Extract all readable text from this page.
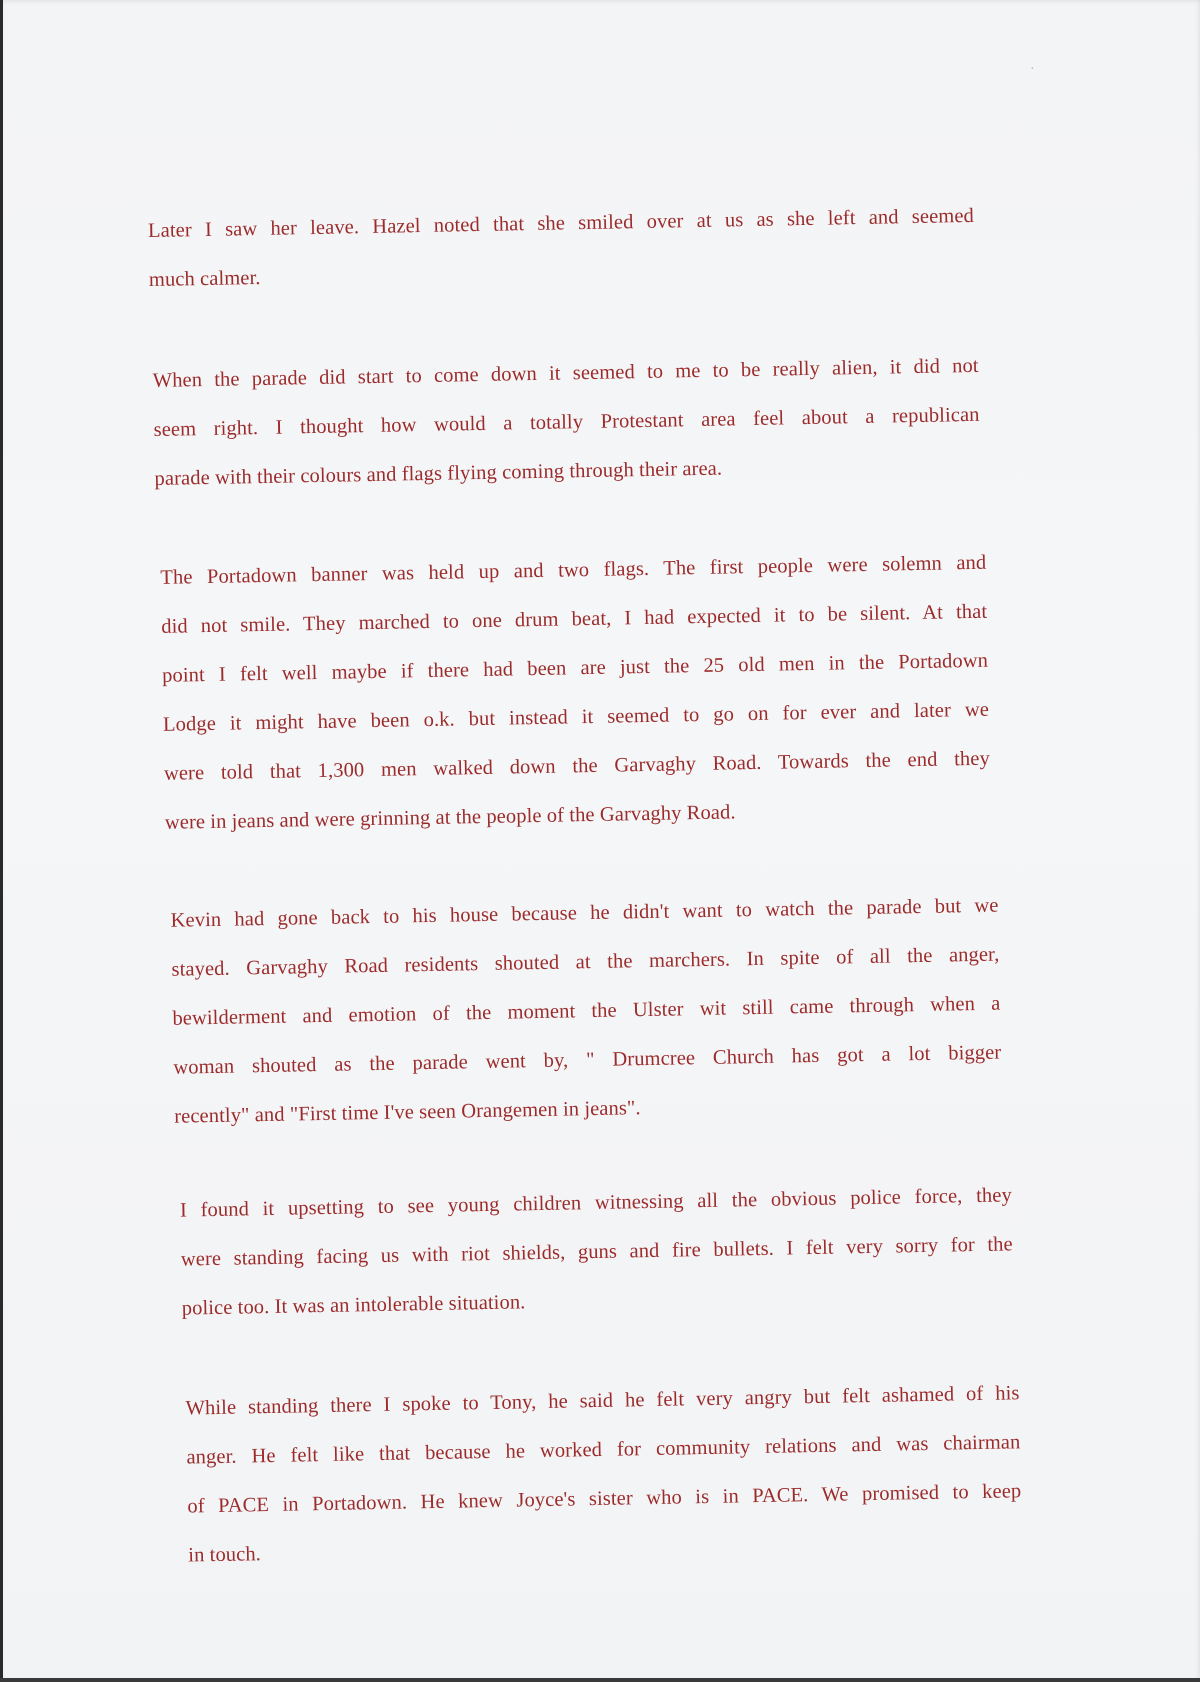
·
Later I saw her leave. Hazel noted that she smiled over at us as she left and seemed
much calmer.
When the parade did start to come down it seemed to me to be really alien, it did not
seem right. I thought how would a totally Protestant area feel about a republican
parade with their colours and flags flying coming through their area.
The Portadown banner was held up and two flags. The first people were solemn and
did not smile. They marched to one drum beat, I had expected it to be silent. At that
point I felt well maybe if there had been are just the 25 old men in the Portadown
Lodge it might have been o.k. but instead it seemed to go on for ever and later we
were told that 1,300 men walked down the Garvaghy Road. Towards the end they
were in jeans and were grinning at the people of the Garvaghy Road.
Kevin had gone back to his house because he didn't want to watch the parade but we
stayed. Garvaghy Road residents shouted at the marchers. In spite of all the anger,
bewilderment and emotion of the moment the Ulster wit still came through when a
woman shouted as the parade went by, " Drumcree Church has got a lot bigger
recently" and "First time I've seen Orangemen in jeans".
I found it upsetting to see young children witnessing all the obvious police force, they
were standing facing us with riot shields, guns and fire bullets. I felt very sorry for the
police too. It was an intolerable situation.
While standing there I spoke to Tony, he said he felt very angry but felt ashamed of his
anger. He felt like that because he worked for community relations and was chairman
of PACE in Portadown. He knew Joyce's sister who is in PACE. We promised to keep
in touch.
